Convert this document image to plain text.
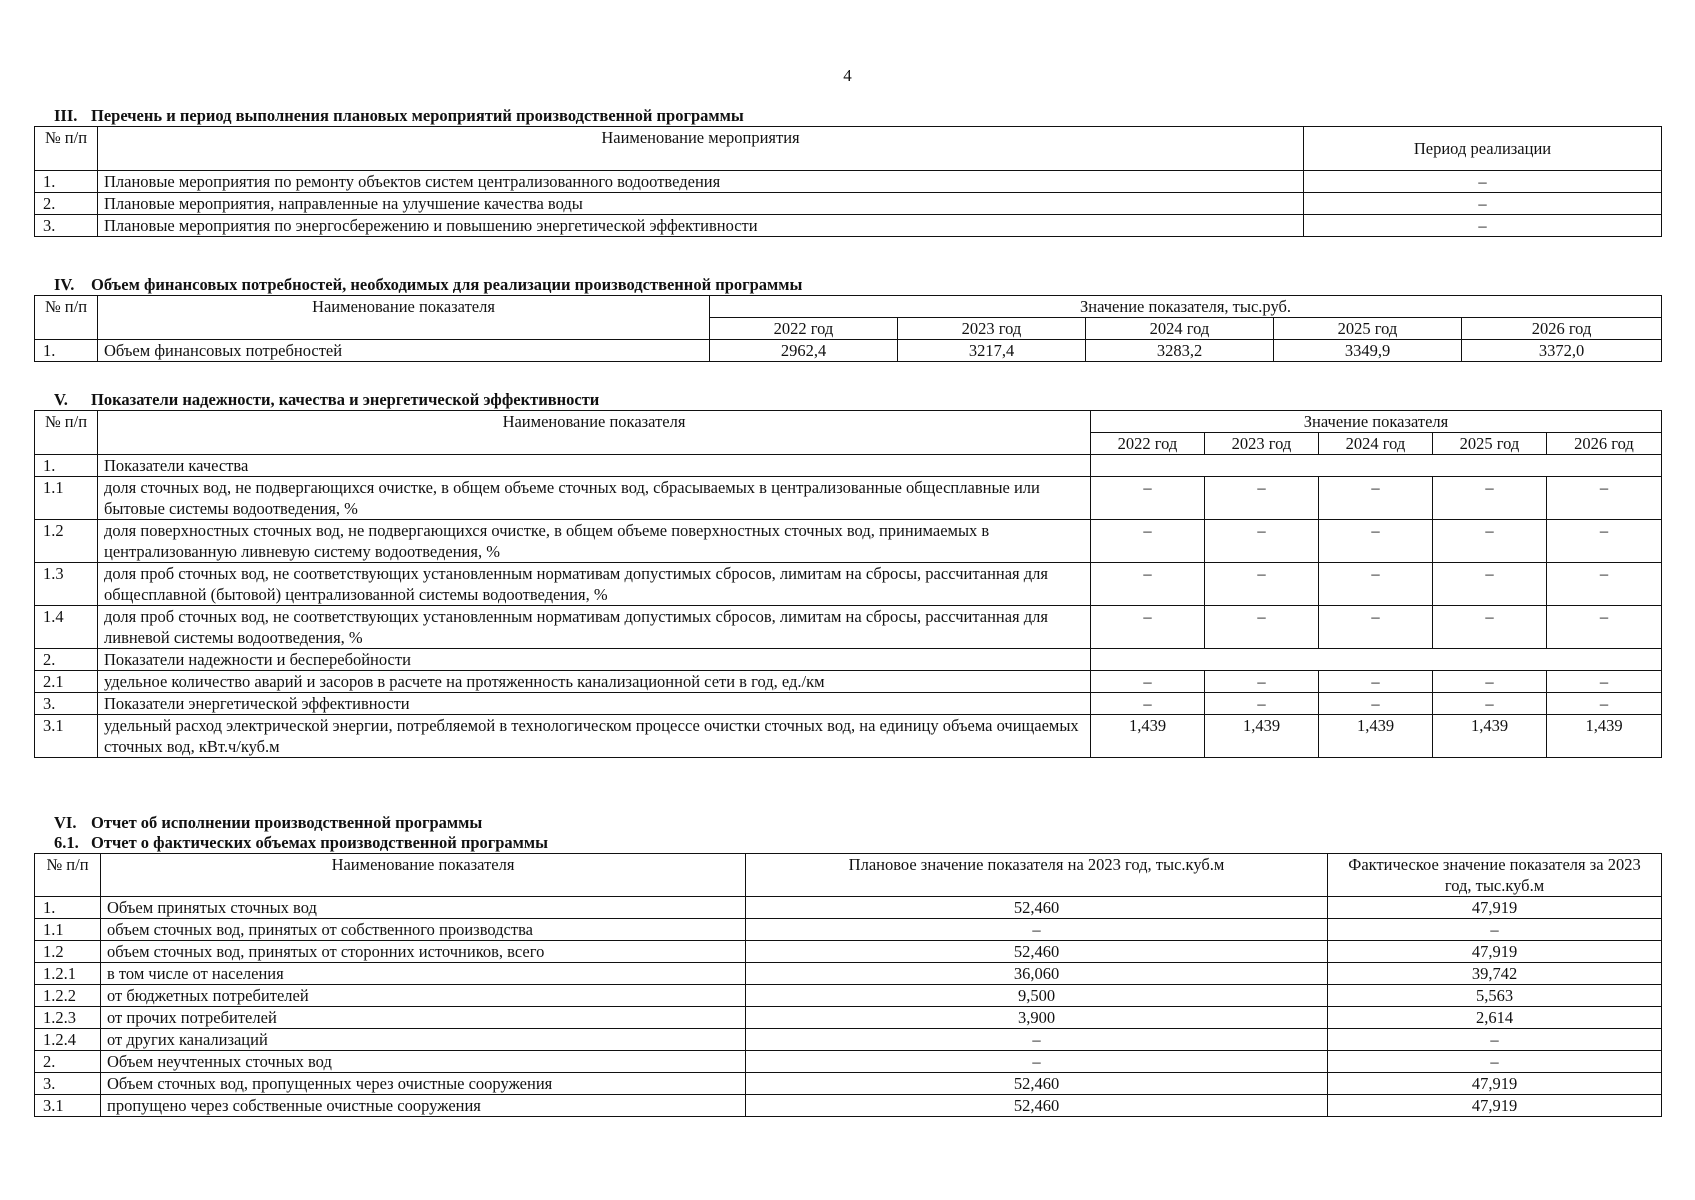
4
III. Перечень и период выполнения плановых мероприятий производственной программы
№ п/п	Наименование мероприятия	Период реализации
1.	Плановые мероприятия по ремонту объектов систем централизованного водоотведения	–
2.	Плановые мероприятия, направленные на улучшение качества воды	–
3.	Плановые мероприятия по энергосбережению и повышению энергетической эффективности	–
IV.	Объем финансовых потребностей, необходимых для реализации производственной программы
№ п/п	Наименование показателя	Значение показателя, тыс.руб.				
		2022 год	2023 год	2024 год	2025 год	2026 год
1.	Объем финансовых потребностей	2962,4	3217,4	3283,2	3349,9	3372,0
V.	Показатели надежности, качества и энергетической эффективности
№ п/п	Наименование показателя	Значение показателя				
		2022 год	2023 год	2024 год	2025 год	2026 год
1.	Показатели качества					
1.1	доля сточных вод, не подвергающихся очистке, в общем объеме сточных вод, сбрасываемых в централизованные общесплавные или бытовые системы водоотведения, %	–	–	–	–	–
1.2	доля поверхностных сточных вод, не подвергающихся очистке, в общем объеме поверхностных сточных вод, принимаемых в централизованную ливневую систему водоотведения, %	–	–	–	–	–
1.3	доля проб сточных вод, не соответствующих установленным нормативам допустимых сбросов, лимитам на сбросы, рассчитанная для общесплавной (бытовой) централизованной системы водоотведения, %	–	–	–	–	–
1.4	доля проб сточных вод, не соответствующих установленным нормативам допустимых сбросов, лимитам на сбросы, рассчитанная для ливневой системы водоотведения, %	–	–	–	–	–
2.	Показатели надежности и бесперебойности					
2.1	удельное количество аварий и засоров в расчете на протяженность канализационной сети в год, ед./км	–	–	–	–	–
3.	Показатели энергетической эффективности	–	–	–	–	–
3.1	удельный расход электрической энергии, потребляемой в технологическом процессе очистки сточных вод, на единицу объема очищаемых сточных вод, кВт.ч/куб.м	1,439	1,439	1,439	1,439	1,439
VI. Отчет об исполнении производственной программы
6.1. Отчет о фактических объемах производственной программы
№ п/п	Наименование показателя	Плановое значение показателя на 2023 год, тыс.куб.м	Фактическое значение показателя за 2023 год, тыс.куб.м
1.	Объем принятых сточных вод	52,460	47,919
1.1	объем сточных вод, принятых от собственного производства	–	–
1.2	объем сточных вод, принятых от сторонних источников, всего	52,460	47,919
1.2.1	в том числе от населения	36,060	39,742
1.2.2	от бюджетных потребителей	9,500	5,563
1.2.3	от прочих потребителей	3,900	2,614
1.2.4	от других канализаций	–	–
2.	Объем неучтенных сточных вод	–	–
3.	Объем сточных вод, пропущенных через очистные сооружения	52,460	47,919
3.1	пропущено через собственные очистные сооружения	52,460	47,919
